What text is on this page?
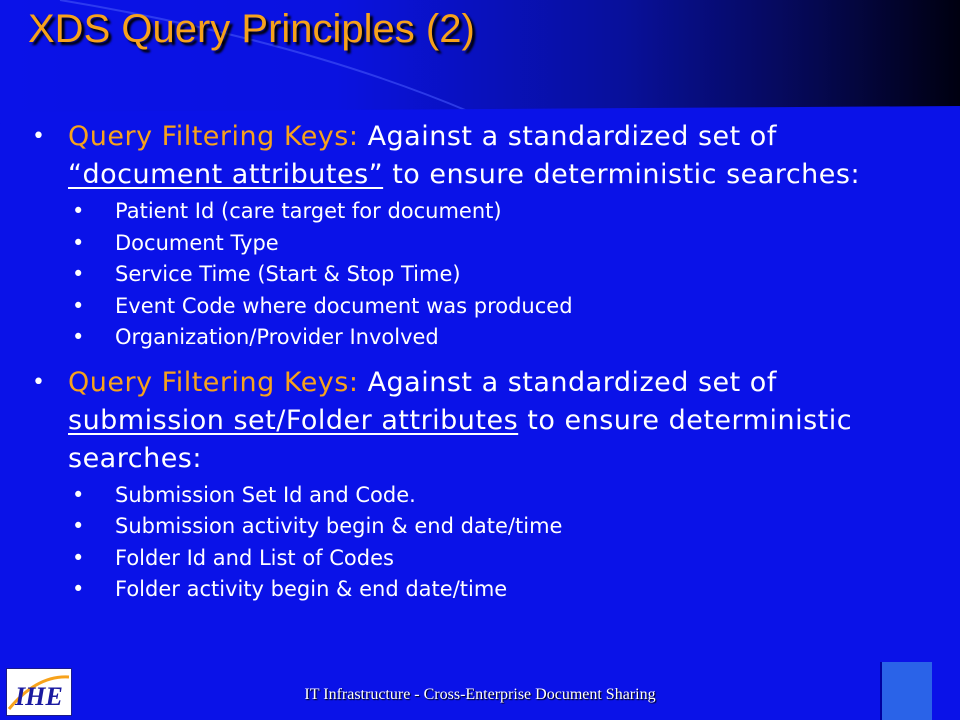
XDS Query Principles (2)
• Query Filtering Keys: Against a standardized set of
“document attributes” to ensure deterministic searches:
• Patient Id (care target for document)
• Document Type
• Service Time (Start & Stop Time)
• Event Code where document was produced
• Organization/Provider Involved
• Query Filtering Keys: Against a standardized set of
submission set/Folder attributes to ensure deterministic searches:
• Submission Set Id and Code.
• Submission activity begin & end date/time
• Folder Id and List of Codes
• Folder activity begin & end date/time
IHE	IT Infrastructure - Cross-Enterprise Document Sharing
